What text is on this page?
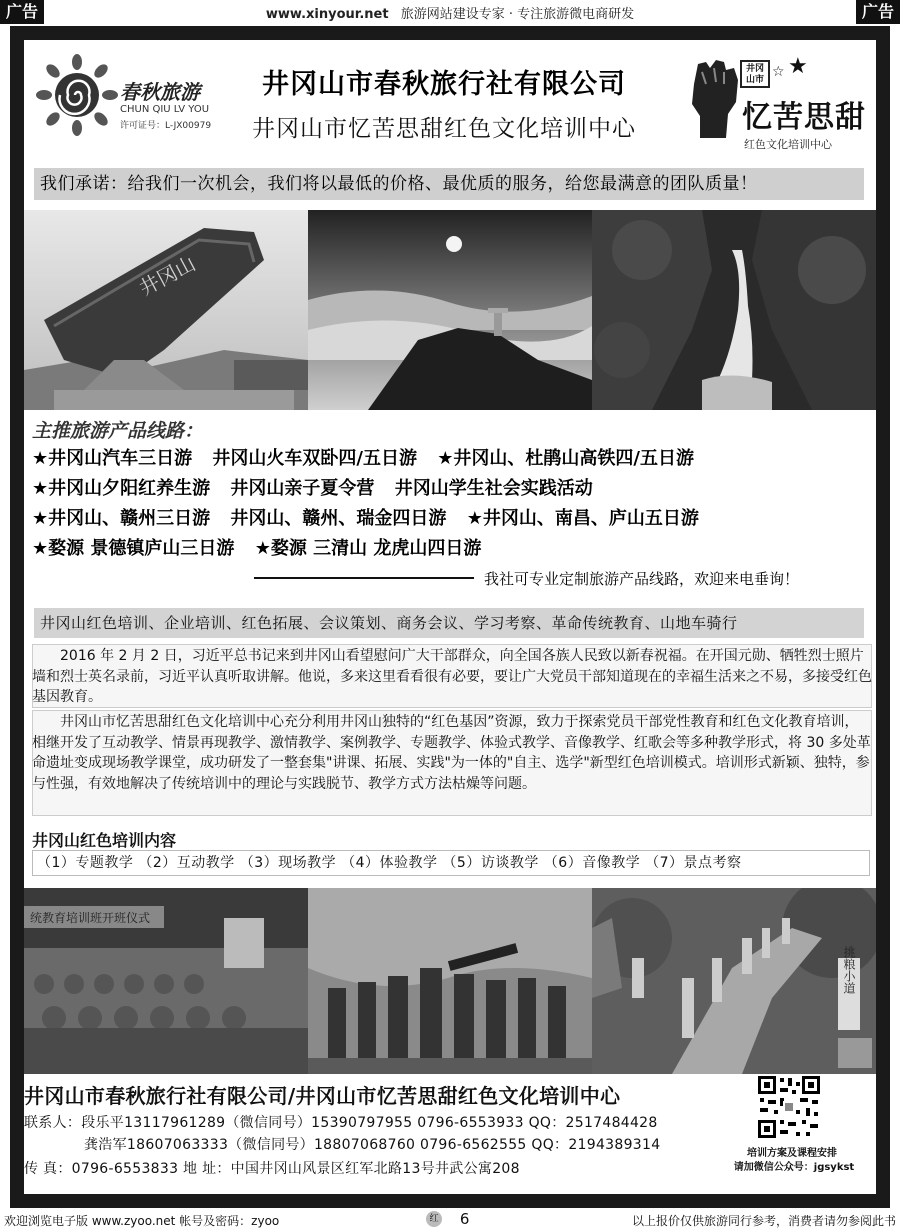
广告	www.xinyour.net 旅游网站建设专家 · 专注旅游微电商研发	广告
春秋旅游
CHUN QIU LV YOU
许可证号：L-JX00979
井冈山市春秋旅行社有限公司
井冈山市忆苦思甜红色文化培训中心
井冈
山市 ☆ ★
忆苦思甜
红色文化培训中心
我们承诺：给我们一次机会，我们将以最低的价格、最优质的服务，给您最满意的团队质量！
井冈山
主推旅游产品线路：
★井冈山汽车三日游 井冈山火车双卧四/五日游 ★井冈山、杜鹃山高铁四/五日游
★井冈山夕阳红养生游 井冈山亲子夏令营 井冈山学生社会实践活动
★井冈山、赣州三日游 井冈山、赣州、瑞金四日游 ★井冈山、南昌、庐山五日游
★婺源 景德镇庐山三日游 ★婺源 三清山 龙虎山四日游
我社可专业定制旅游产品线路，欢迎来电垂询！
井冈山红色培训、企业培训、红色拓展、会议策划、商务会议、学习考察、革命传统教育、山地车骑行
2016 年 2 月 2 日，习近平总书记来到井冈山看望慰问广大干部群众，向全国各族人民致以新春祝福。在开国元勋、牺牲烈士照片墙和烈士英名录前，习近平认真听取讲解。他说，多来这里看看很有必要，要让广大党员干部知道现在的幸福生活来之不易，多接受红色基因教育。
井冈山市忆苦思甜红色文化培训中心充分利用井冈山独特的“红色基因”资源，致力于探索党员干部党性教育和红色文化教育培训，相继开发了互动教学、情景再现教学、激情教学、案例教学、专题教学、体验式教学、音像教学、红歌会等多种教学形式，将 30 多处革命遗址变成现场教学课堂，成功研发了一整套集"讲课、拓展、实践"为一体的"自主、选学"新型红色培训模式。培训形式新颖、独特，参与性强，有效地解决了传统培训中的理论与实践脱节、教学方式方法枯燥等问题。
井冈山红色培训内容
（1）专题教学 （2）互动教学 （3）现场教学 （4）体验教学 （5）访谈教学 （6）音像教学 （7）景点考察
统教育培训班开班仪式
挑粮小道
井冈山市春秋旅行社有限公司/井冈山市忆苦思甜红色文化培训中心
联系人：段乐平13117961289（微信同号）15390797955 0796-6553933 QQ：2517484428
龚浩军18607063333（微信同号）18807068760 0796-6562555 QQ：2194389314
传 真：0796-6553833 地 址：中国井冈山风景区红军北路13号井武公寓208
培训方案及课程安排
请加微信公众号：jgsykst
欢迎浏览电子版 www.zyoo.net 帐号及密码：zyoo	红 6	以上报价仅供旅游同行参考，消费者请勿参阅此书
